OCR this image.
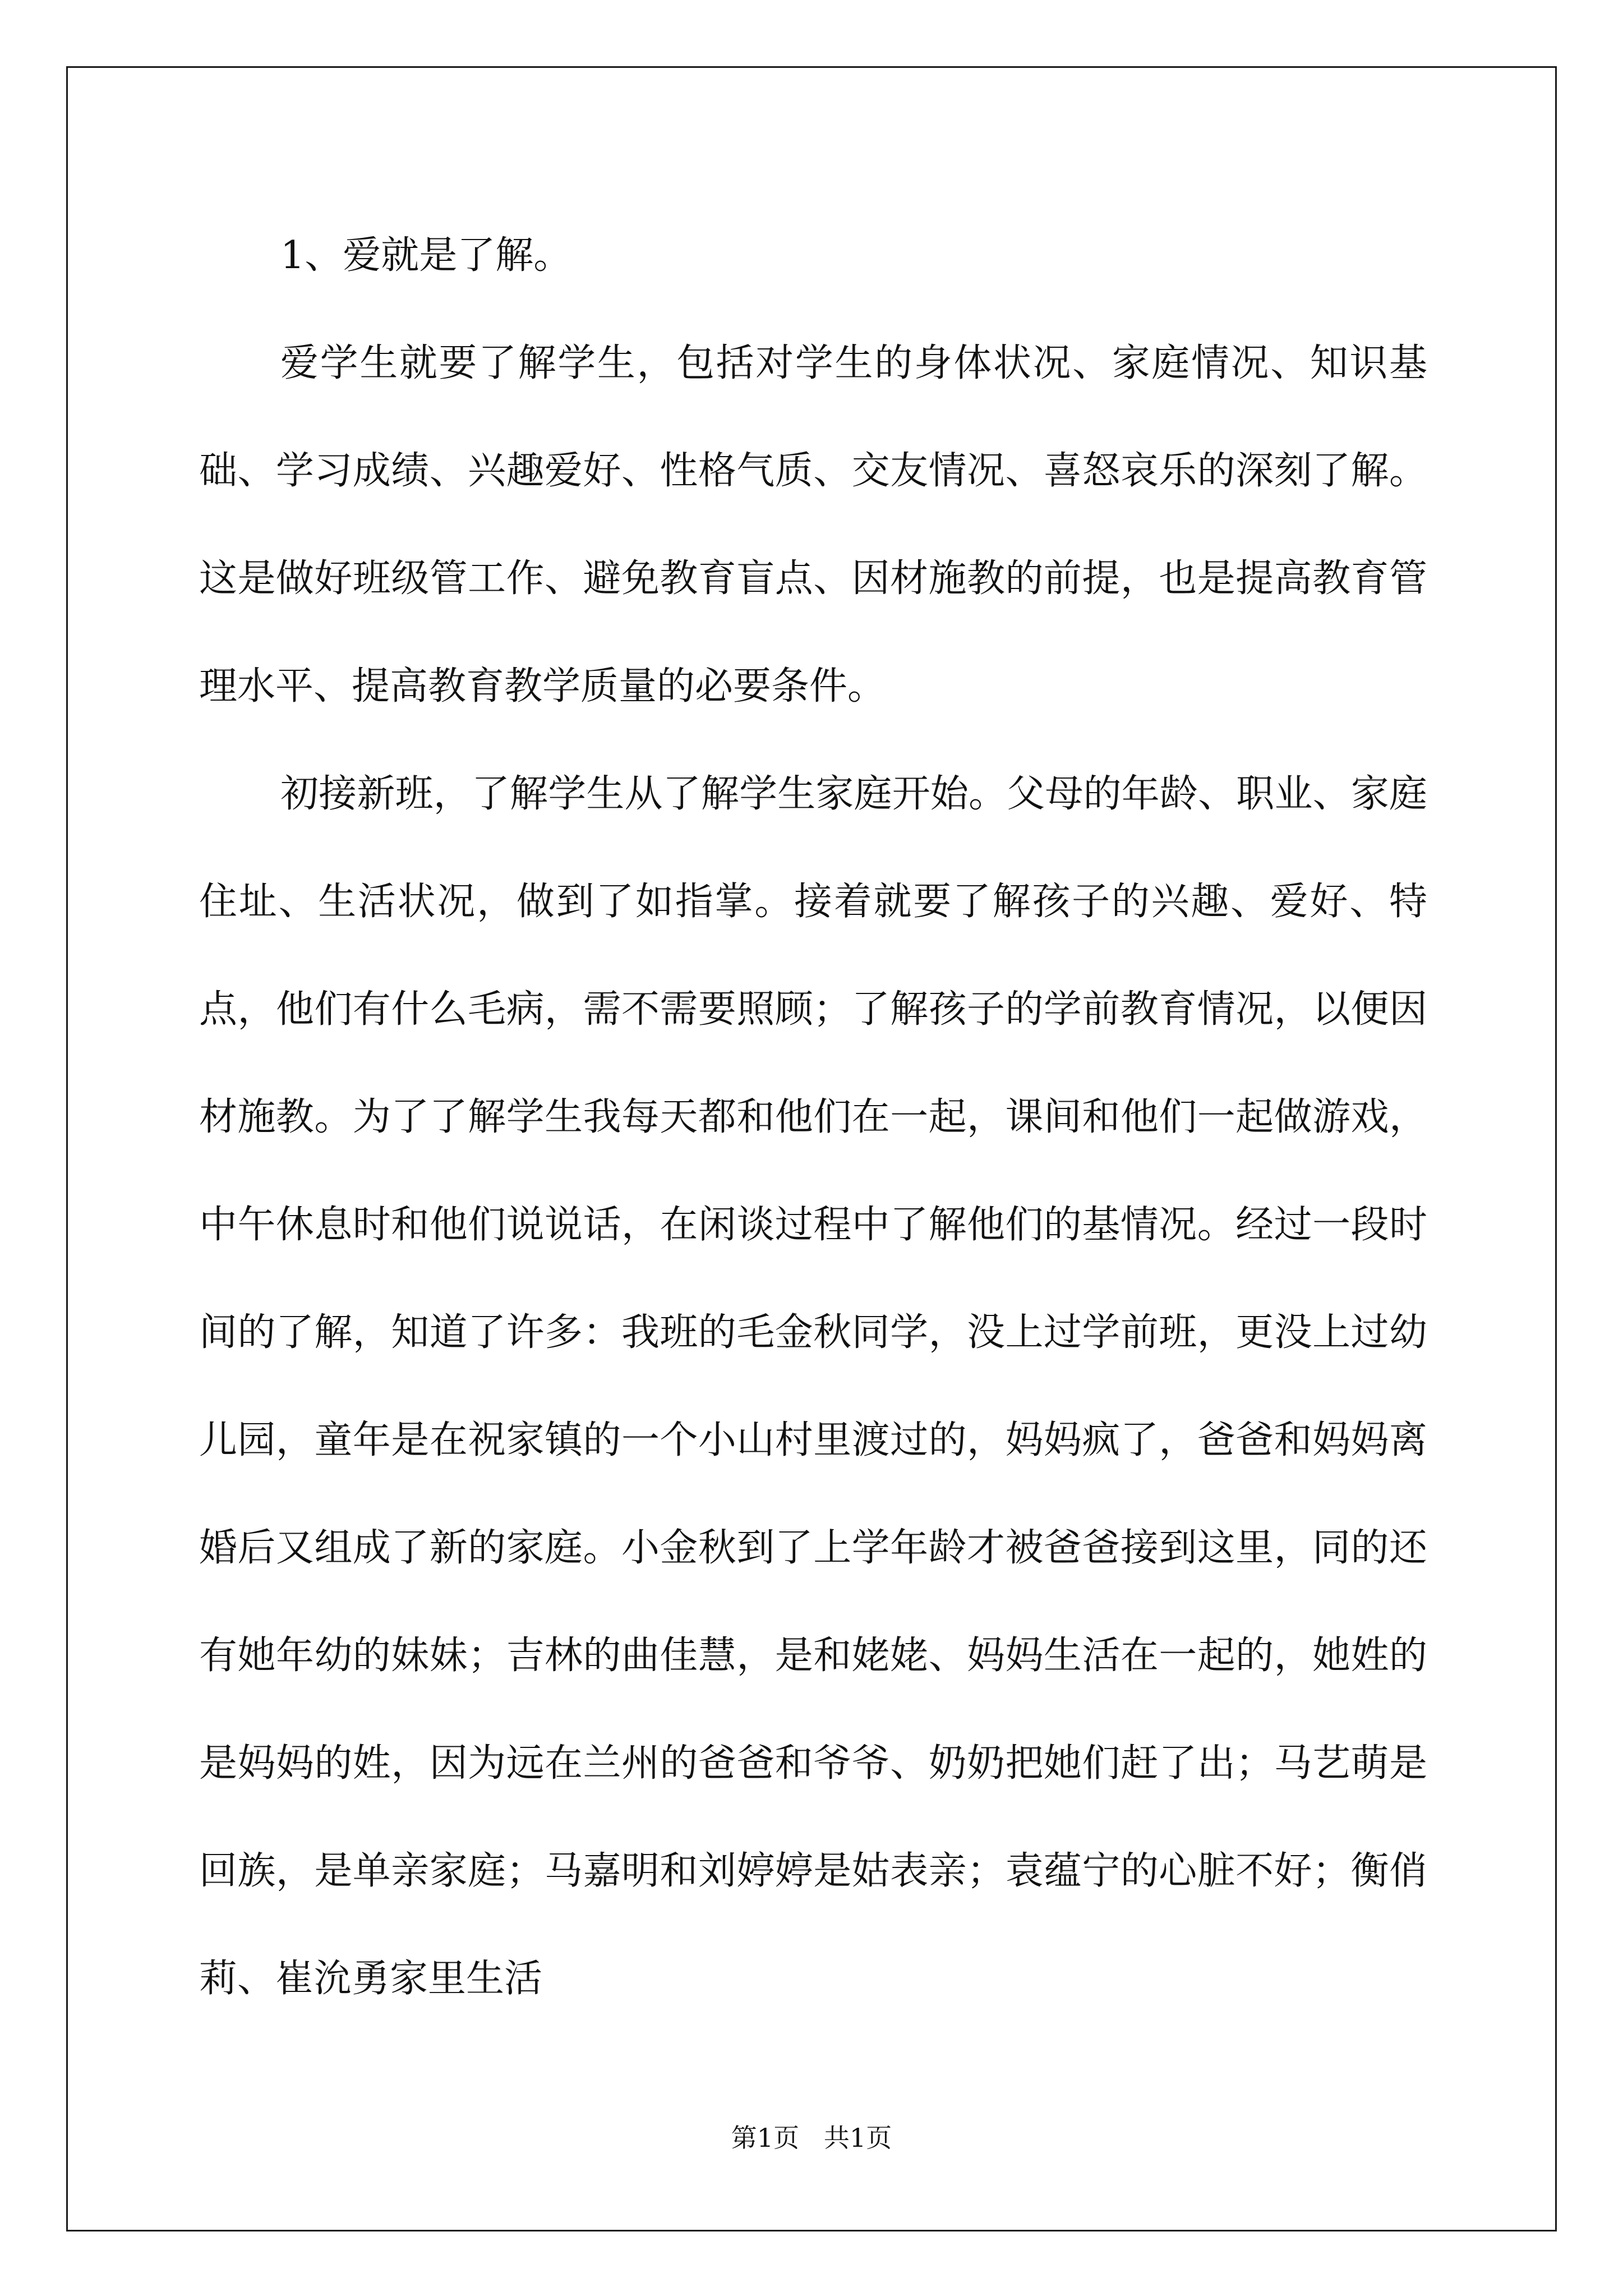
1、爱就是了解。

爱学生就要了解学生，包括对学生的身体状况、家庭情况、知识基础、学习成绩、兴趣爱好、性格气质、交友情况、喜怒哀乐的深刻了解。这是做好班级管工作、避免教育盲点、因材施教的前提，也是提高教育管理水平、提高教育教学质量的必要条件。

初接新班，了解学生从了解学生家庭开始。父母的年龄、职业、家庭住址、生活状况，做到了如指掌。接着就要了解孩子的兴趣、爱好、特点，他们有什么毛病，需不需要照顾；了解孩子的学前教育情况，以便因材施教。为了了解学生我每天都和他们在一起，课间和他们一起做游戏，中午休息时和他们说说话，在闲谈过程中了解他们的基情况。经过一段时间的了解，知道了许多：我班的毛金秋同学，没上过学前班，更没上过幼儿园，童年是在祝家镇的一个小山村里渡过的，妈妈疯了，爸爸和妈妈离婚后又组成了新的家庭。小金秋到了上学年龄才被爸爸接到这里，同的还有她年幼的妹妹；吉林的曲佳慧，是和姥姥、妈妈生活在一起的，她姓的是妈妈的姓，因为远在兰州的爸爸和爷爷、奶奶把她们赶了出；马艺萌是回族，是单亲家庭；马嘉明和刘婷婷是姑表亲；袁蕴宁的心脏不好；衡俏莉、崔沇勇家里生活

第1页   共1页
